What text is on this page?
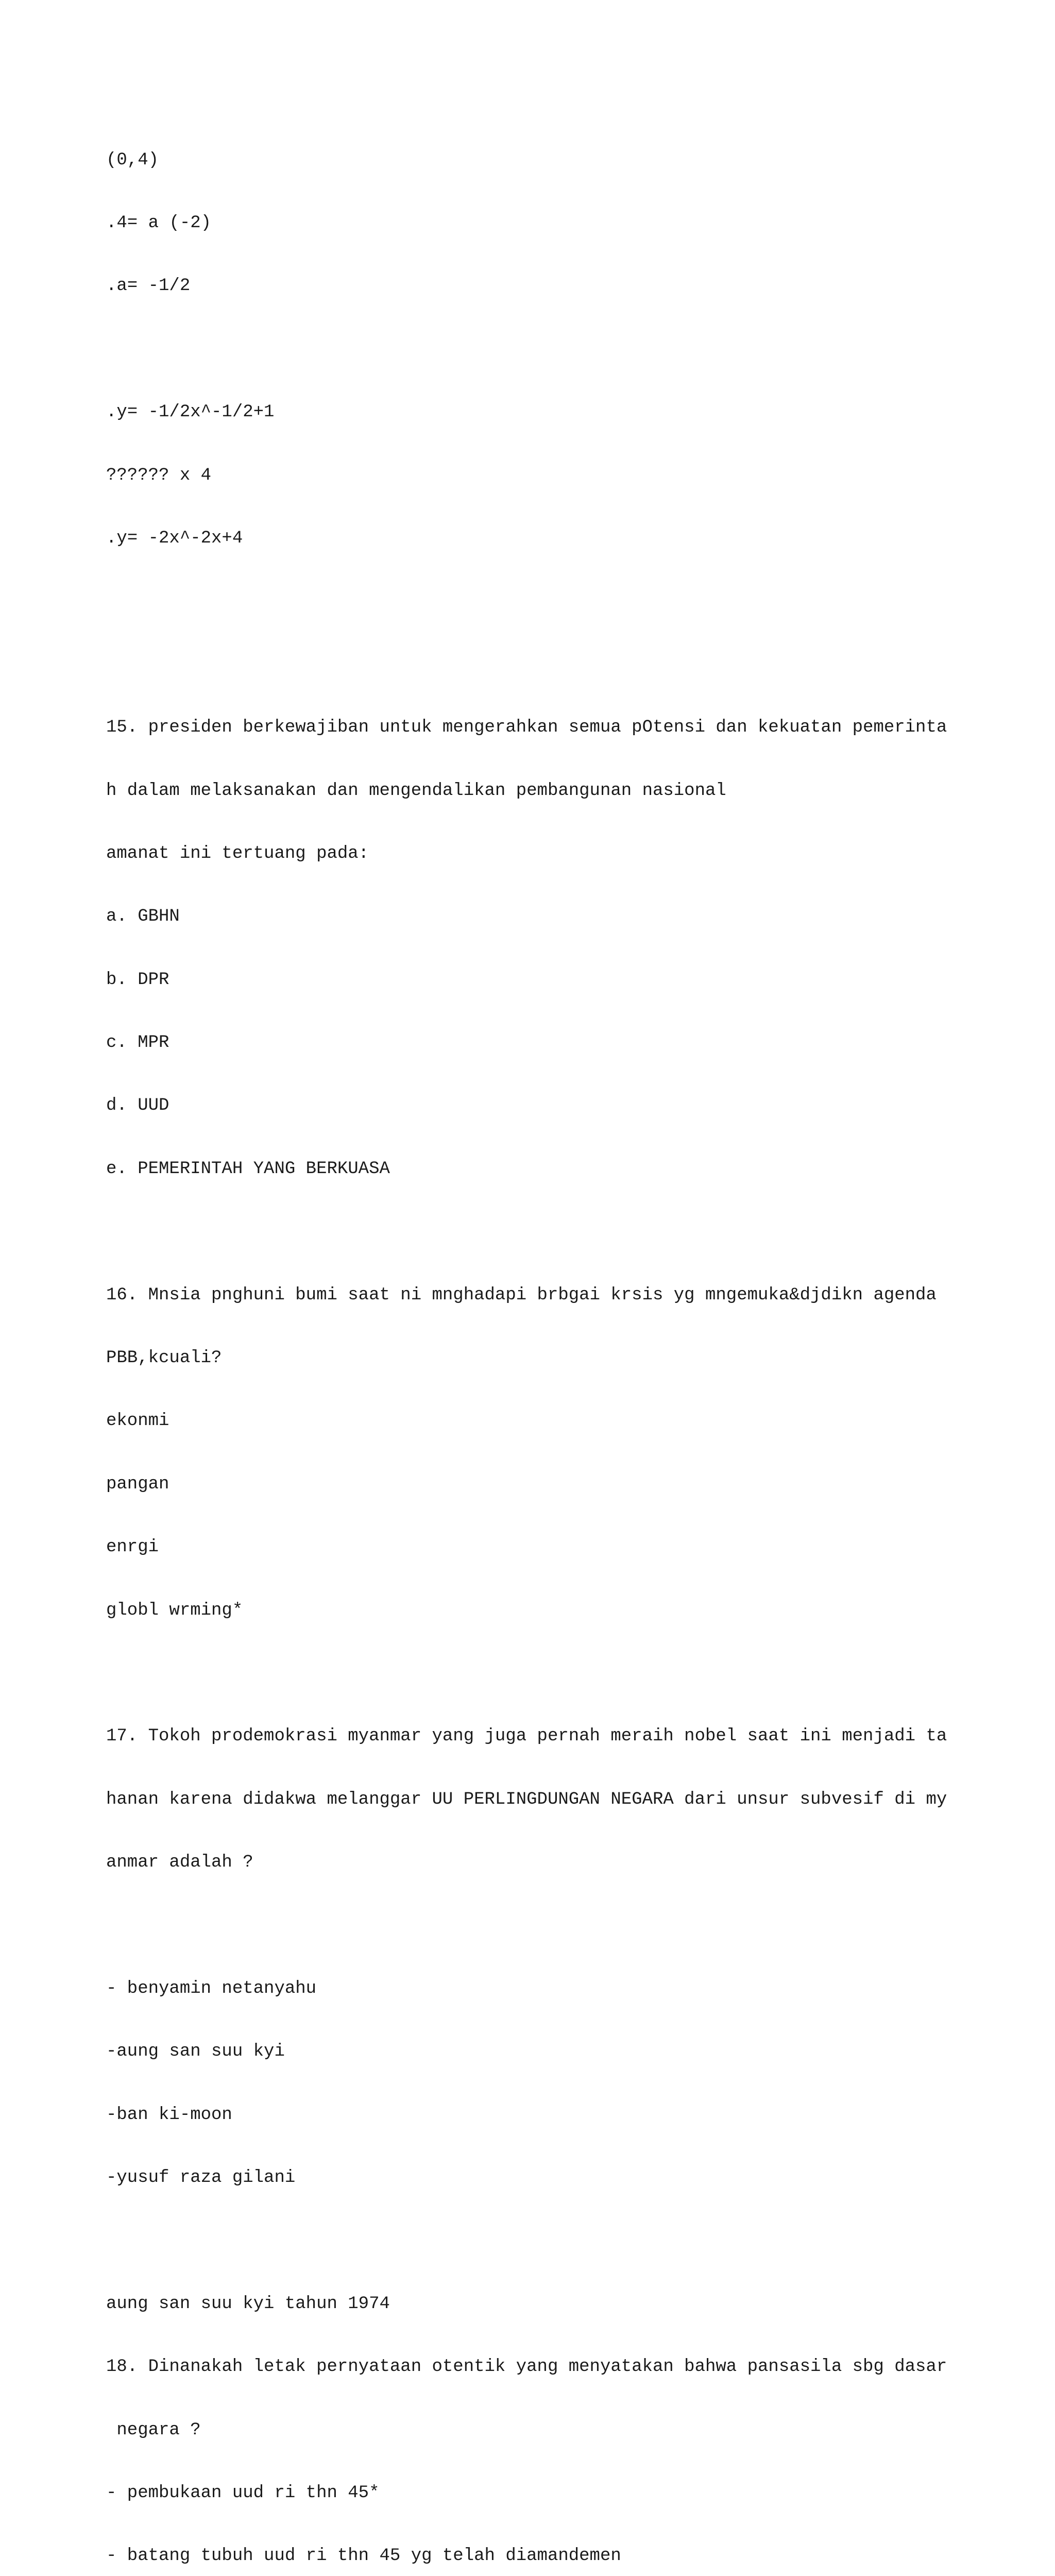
(0,4)

.4= a (-2)

.a= -1/2

.y= -1/2x^-1/2+1

?????? x 4

.y= -2x^-2x+4

15. presiden berkewajiban untuk mengerahkan semua pOtensi dan kekuatan pemerinta

h dalam melaksanakan dan mengendalikan pembangunan nasional

amanat ini tertuang pada:

a. GBHN

b. DPR

c. MPR

d. UUD

e. PEMERINTAH YANG BERKUASA

16. Mnsia pnghuni bumi saat ni mnghadapi brbgai krsis yg mngemuka&djdikn agenda

PBB,kcuali?

ekonmi

pangan

enrgi

globl wrming*

17. Tokoh prodemokrasi myanmar yang juga pernah meraih nobel saat ini menjadi ta

hanan karena didakwa melanggar UU PERLINGDUNGAN NEGARA dari unsur subvesif di my

anmar adalah ?

- benyamin netanyahu

-aung san suu kyi

-ban ki-moon

-yusuf raza gilani

aung san suu kyi tahun 1974

18. Dinanakah letak pernyataan otentik yang menyatakan bahwa pansasila sbg dasar

negara ?

- pembukaan uud ri thn 45*

- batang tubuh uud ri thn 45 yg telah diamandemen
